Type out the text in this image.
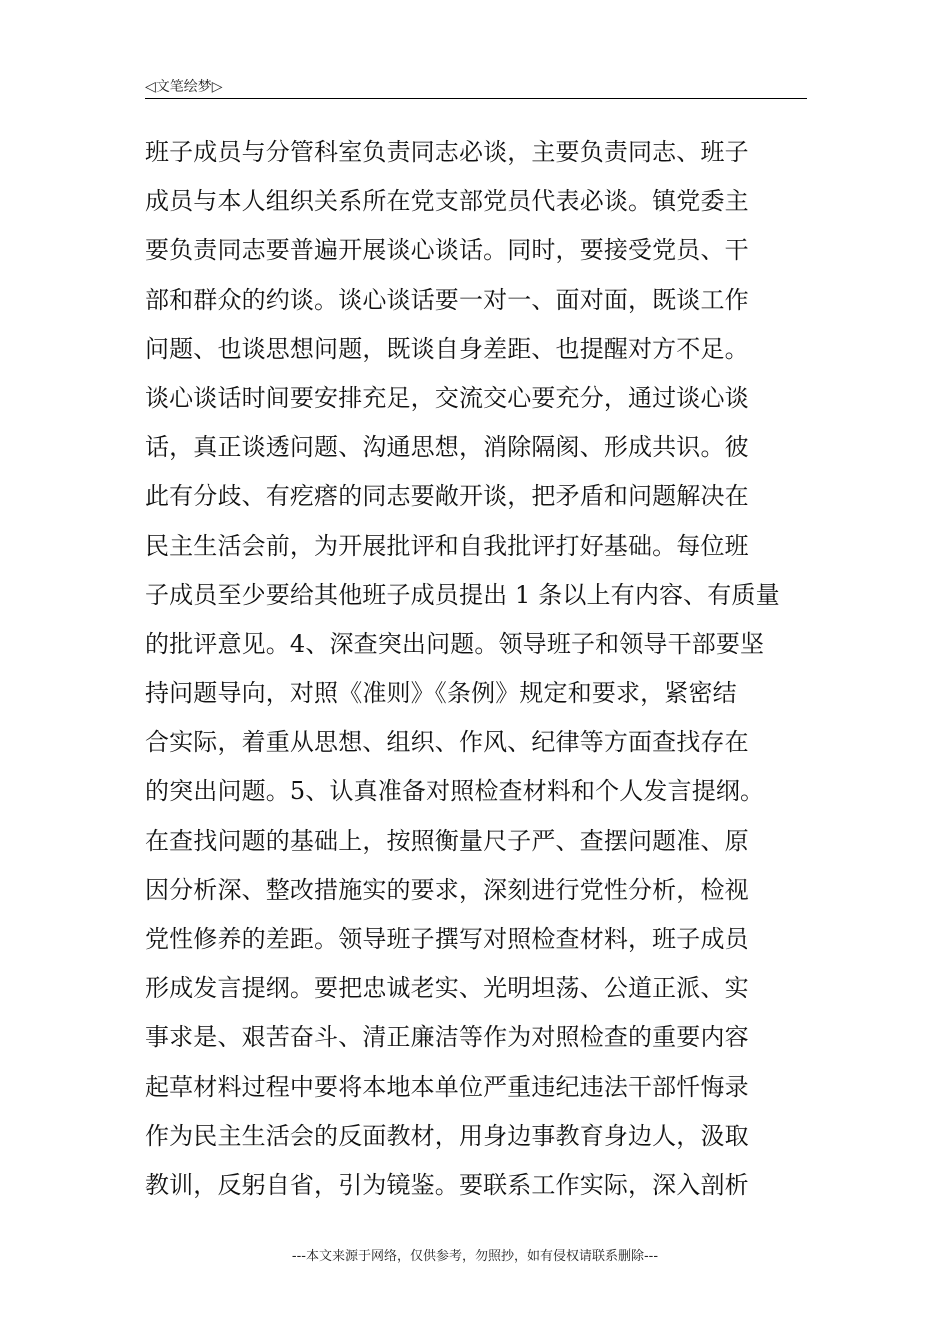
◁文笔绘梦▷
班子成员与分管科室负责同志必谈，主要负责同志、班子
成员与本人组织关系所在党支部党员代表必谈。镇党委主
要负责同志要普遍开展谈心谈话。同时，要接受党员、干
部和群众的约谈。谈心谈话要一对一、面对面，既谈工作
问题、也谈思想问题，既谈自身差距、也提醒对方不足。
谈心谈话时间要安排充足，交流交心要充分，通过谈心谈
话，真正谈透问题、沟通思想，消除隔阂、形成共识。彼
此有分歧、有疙瘩的同志要敞开谈，把矛盾和问题解决在
民主生活会前，为开展批评和自我批评打好基础。每位班
子成员至少要给其他班子成员提出 1 条以上有内容、有质量
的批评意见。4、深查突出问题。领导班子和领导干部要坚
持问题导向，对照《准则》《条例》规定和要求，紧密结
合实际，着重从思想、组织、作风、纪律等方面查找存在
的突出问题。5、认真准备对照检查材料和个人发言提纲。
在查找问题的基础上，按照衡量尺子严、查摆问题准、原
因分析深、整改措施实的要求，深刻进行党性分析，检视
党性修养的差距。领导班子撰写对照检查材料，班子成员
形成发言提纲。要把忠诚老实、光明坦荡、公道正派、实
事求是、艰苦奋斗、清正廉洁等作为对照检查的重要内容
起草材料过程中要将本地本单位严重违纪违法干部忏悔录
作为民主生活会的反面教材，用身边事教育身边人，汲取
教训，反躬自省，引为镜鉴。要联系工作实际，深入剖析
---本文来源于网络，仅供参考，勿照抄，如有侵权请联系删除---
